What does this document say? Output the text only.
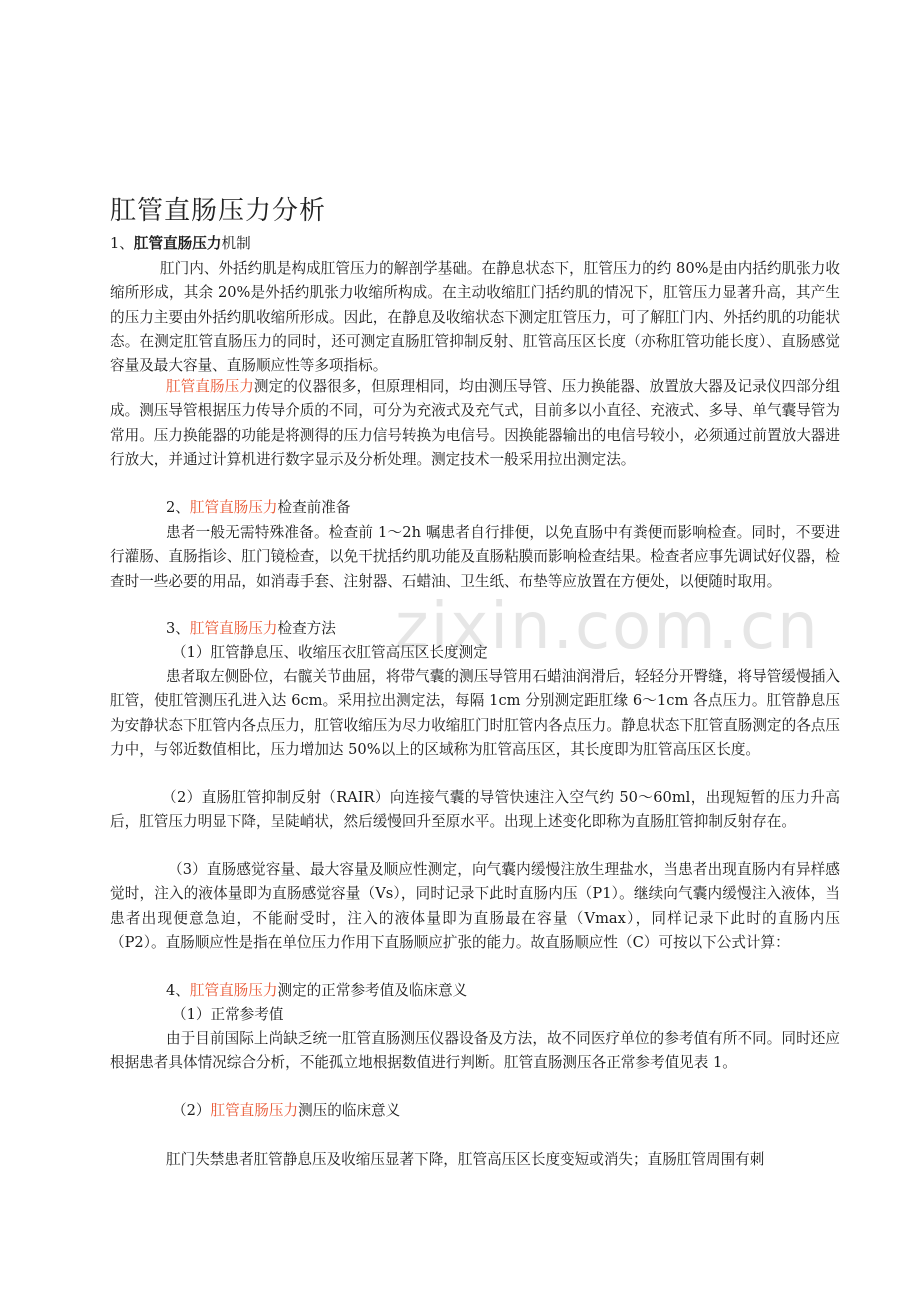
zixin.com.cn
肛管直肠压力分析
1、肛管直肠压力机制
肛门内、外括约肌是构成肛管压力的解剖学基础。在静息状态下，肛管压力的约 80%是由内括约肌张力收缩所形成，其余 20%是外括约肌张力收缩所构成。在主动收缩肛门括约肌的情况下，肛管压力显著升高，其产生的压力主要由外括约肌收缩所形成。因此，在静息及收缩状态下测定肛管压力，可了解肛门内、外括约肌的功能状态。在测定肛管直肠压力的同时，还可测定直肠肛管抑制反射、肛管高压区长度（亦称肛管功能长度）、直肠感觉容量及最大容量、直肠顺应性等多项指标。
肛管直肠压力测定的仪器很多，但原理相同，均由测压导管、压力换能器、放置放大器及记录仪四部分组成。测压导管根据压力传导介质的不同，可分为充液式及充气式，目前多以小直径、充液式、多导、单气囊导管为常用。压力换能器的功能是将测得的压力信号转换为电信号。因换能器输出的电信号较小，必须通过前置放大器进行放大，并通过计算机进行数字显示及分析处理。测定技术一般采用拉出测定法。
2、肛管直肠压力检查前准备
患者一般无需特殊准备。检查前 1～2h 嘱患者自行排便，以免直肠中有粪便而影响检查。同时，不要进行灌肠、直肠指诊、肛门镜检查，以免干扰括约肌功能及直肠粘膜而影响检查结果。检查者应事先调试好仪器，检查时一些必要的用品，如消毒手套、注射器、石蜡油、卫生纸、布垫等应放置在方便处，以便随时取用。
3、肛管直肠压力检查方法
（1）肛管静息压、收缩压衣肛管高压区长度测定
患者取左侧卧位，右髋关节曲屈，将带气囊的测压导管用石蜡油润滑后，轻轻分开臀缝，将导管缓慢插入肛管，使肛管测压孔进入达 6cm。采用拉出测定法，每隔 1cm 分别测定距肛缘 6～1cm 各点压力。肛管静息压为安静状态下肛管内各点压力，肛管收缩压为尽力收缩肛门时肛管内各点压力。静息状态下肛管直肠测定的各点压力中，与邻近数值相比，压力增加达 50%以上的区域称为肛管高压区，其长度即为肛管高压区长度。
（2）直肠肛管抑制反射（RAIR）向连接气囊的导管快速注入空气约 50～60ml，出现短暂的压力升高后，肛管压力明显下降，呈陡峭状，然后缓慢回升至原水平。出现上述变化即称为直肠肛管抑制反射存在。
（3）直肠感觉容量、最大容量及顺应性测定，向气囊内缓慢注放生理盐水，当患者出现直肠内有异样感觉时，注入的液体量即为直肠感觉容量（Vs），同时记录下此时直肠内压（P1）。继续向气囊内缓慢注入液体，当患者出现便意急迫，不能耐受时，注入的液体量即为直肠最在容量（Vmax），同样记录下此时的直肠内压（P2）。直肠顺应性是指在单位压力作用下直肠顺应扩张的能力。故直肠顺应性（C）可按以下公式计算：
4、肛管直肠压力测定的正常参考值及临床意义
（1）正常参考值
由于目前国际上尚缺乏统一肛管直肠测压仪器设备及方法，故不同医疗单位的参考值有所不同。同时还应根据患者具体情况综合分析，不能孤立地根据数值进行判断。肛管直肠测压各正常参考值见表 1。
（2）肛管直肠压力测压的临床意义
肛门失禁患者肛管静息压及收缩压显著下降，肛管高压区长度变短或消失；直肠肛管周围有刺
